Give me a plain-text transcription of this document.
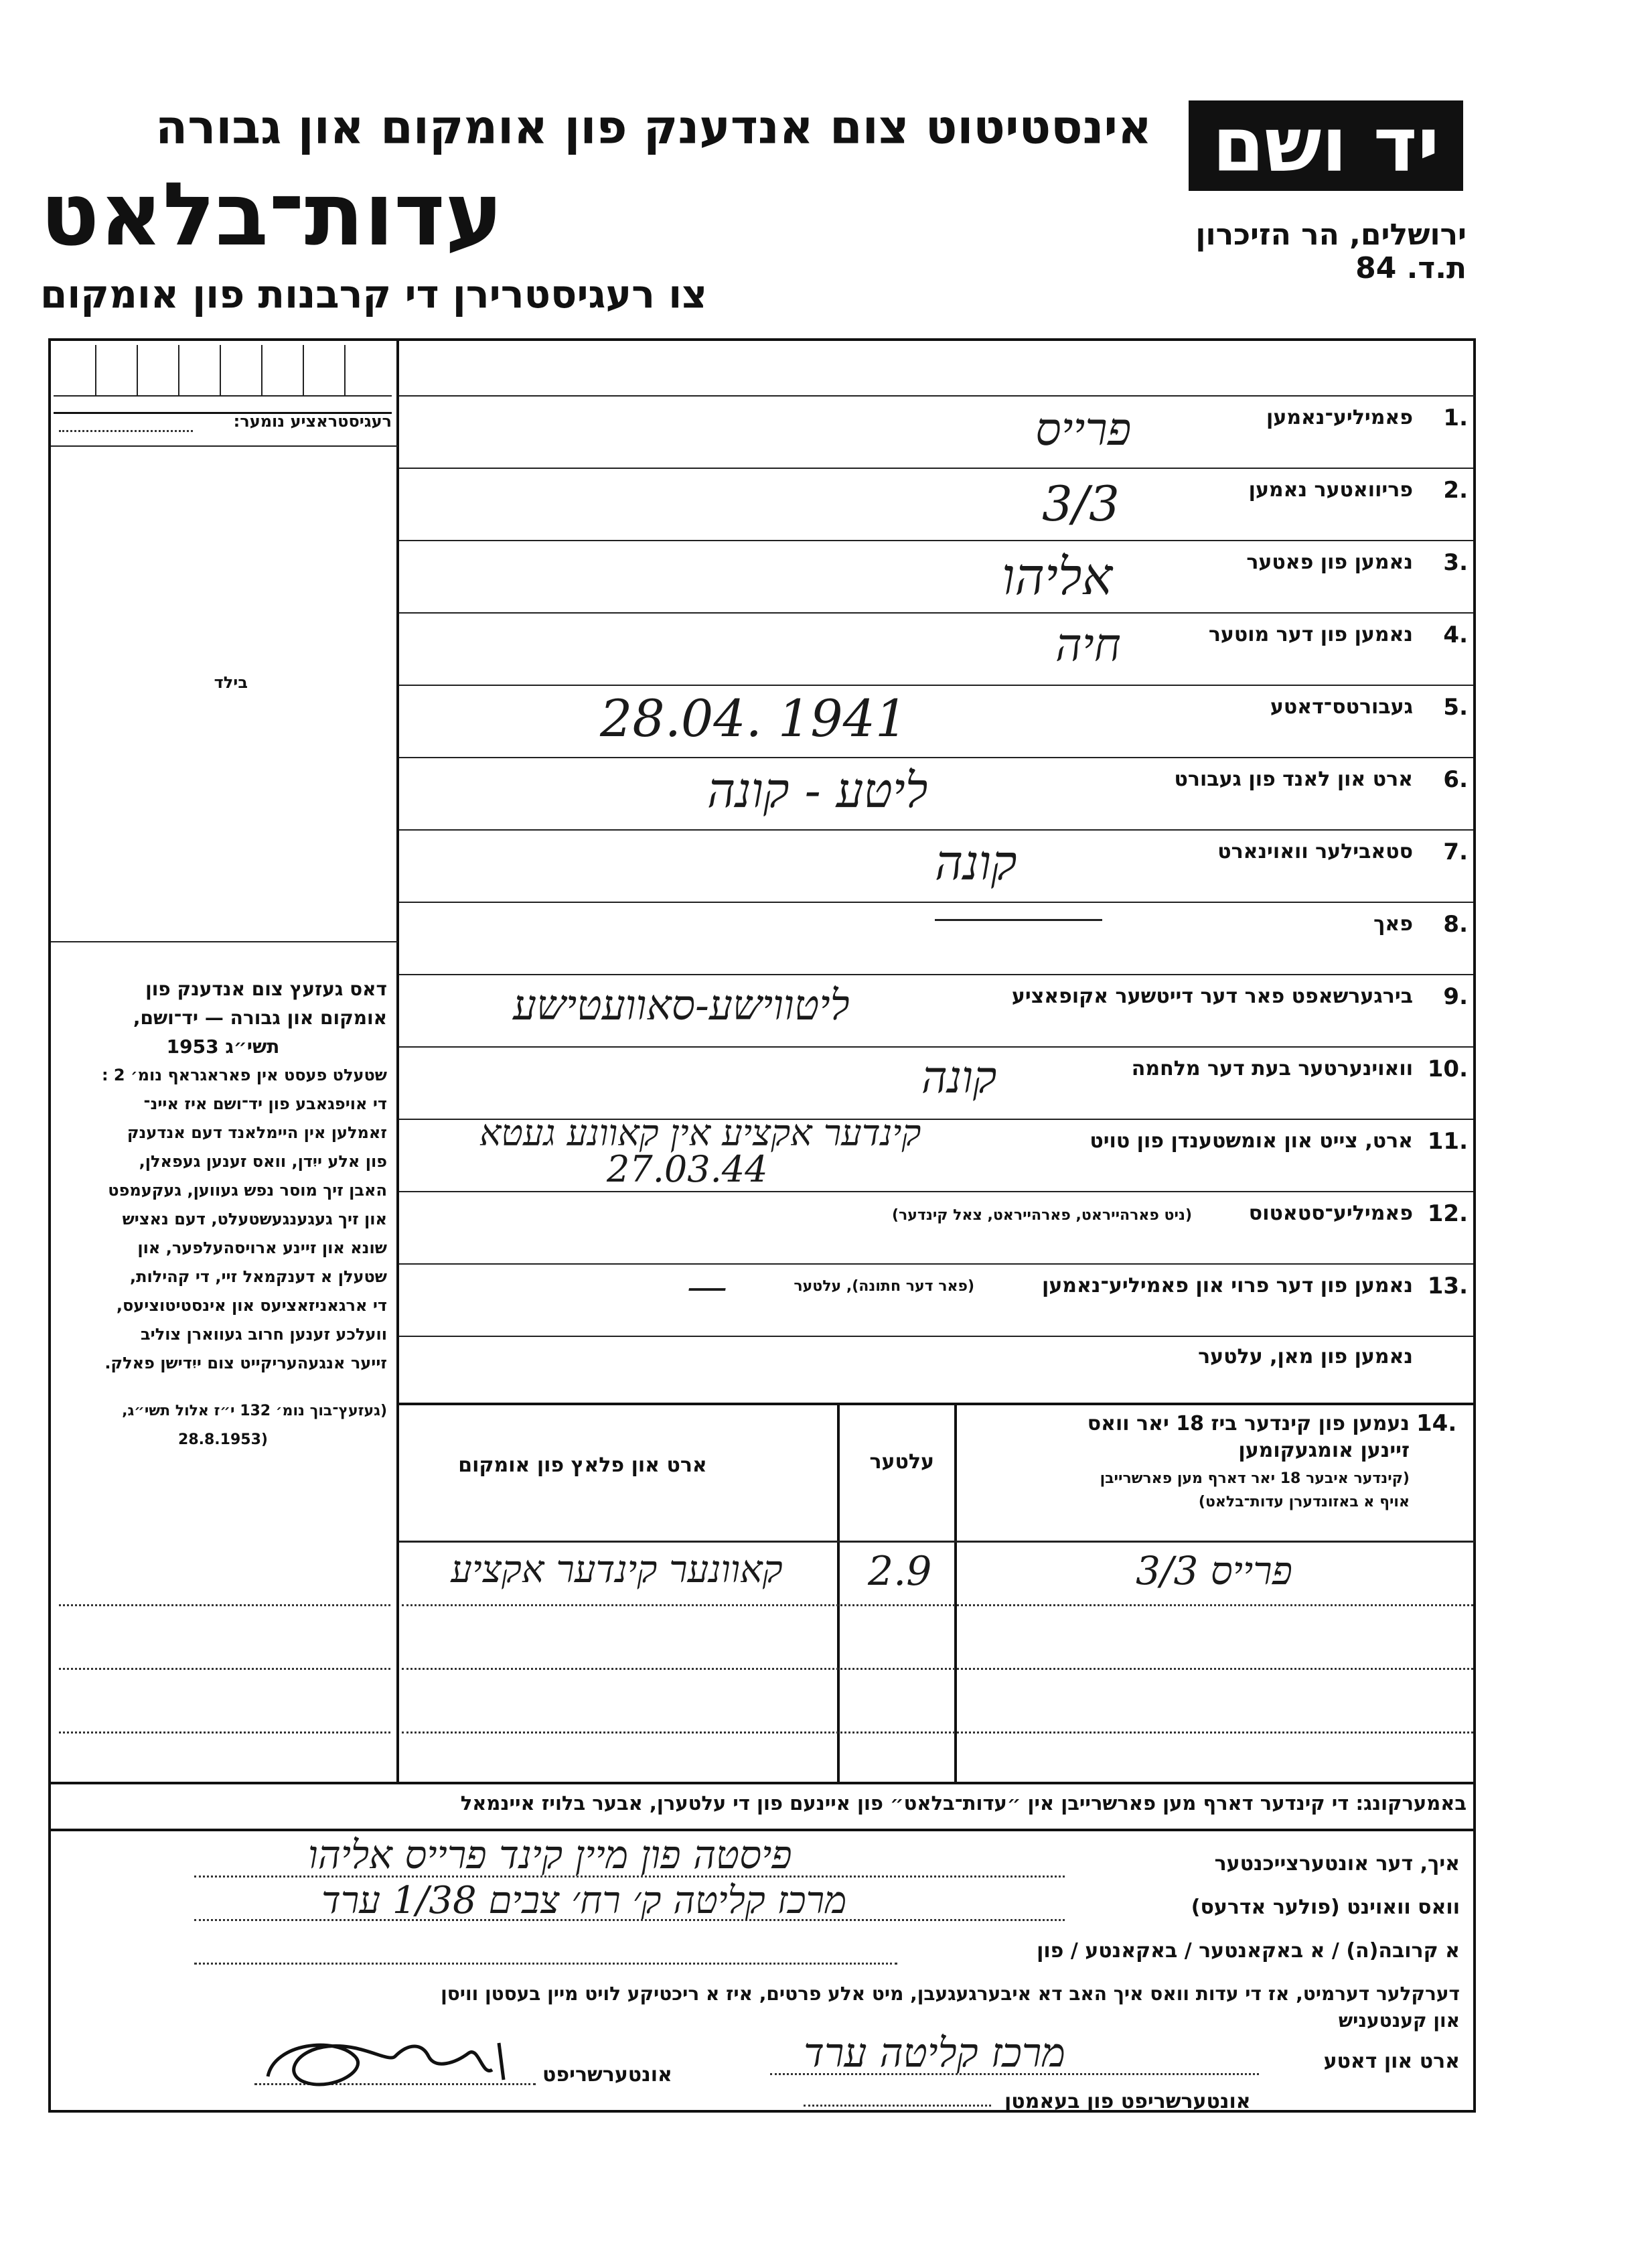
יד ושם
אינסטיטוט צום אנדענק פון אומקום און גבורה
עדות־בלאט	ירושלים, הר הזיכרון
ת.ד. 84
צו רעגיסטרירן די קרבנות פון אומקום
רעגיסטראציע נומער:
בילד
דאס געזעץ צום אנדענק פון
אומקום און גבורה — יד־ושם,
תשי״ג 1953
שטעלט פעסט אין פאראגראף נומ׳ 2 :
די אויפגאבע פון יד־ושם איז איינ־
זאמלען אין היימלאנד דעם אנדענק
פון אלע ייִדן, וואס זענען געפאלן,
האבן זיך מוסר נפש געווען, געקעמפט
און זיך געגענגעשטעלט, דעם נאציש
שונא און זיינע ארויסהעלפער, און
שטעלן א דענקמאל זיי, די קהילות,
די ארגאניזאציעס און אינסטיטוציעס,
וועלכע זענען חרוב געווארן צוליב
זייער אנגעהעריקייט צום ייִדישן פאלק.
(געזעץ־בוך נומ׳ 132 י״ז אלול תשי״ג,
(28.8.1953
1.
פאמיליע־נאמען
פרייס
2.
פריוואטער נאמען
3/3
3.
נאמען פון פאטער
אליהו
4.
נאמען פון דער מוטער
חיה
5.
געבורטס־דאטע
28.04. 1941
6.
ארט און לאנד פון געבורט
ליטע - קונה
7.
סטאבילער וואוינארט
קונה
8.
פאך
9.
בירגערשאפט פאר דער דייטשער אקופאציע
ליטווישע-סאוועטישע
10.
וואוינערטער בעת דער מלחמה
קונה
11.
ארט, צייט און אומשטענדן פון טויט
קינדער אקציע אין קאוונע געטא
27.03.44
12.
פאמיליע־סטאטוס
(ניט פארהייראט, פארהייראט, צאל קינדער)
13.
נאמען פון דער פרוי און פאמיליע־נאמען
(פאר דער חתונה), עלטער
—
נאמען פון מאן, עלטער
14.
נעמען פון קינדער ביז 18 יאר וואס
זיינען אומגעקומען
(קינדער איבער 18 יאר דארף מען פארשרייבן
אויף א באזונדערן עדות־בלאט)
עלטער
ארט און פלאץ פון אומקום
קאוונער קינדער אקציע	2.9	פרייס 3/3
באמערקונג: די קינדער דארף מען פארשרייבן אין ״עדות־בלאט״ פון איינעם פון די עלטערן, אבער בלויז איינמאל
איך, דער אונטערצייכנטער
פיסטה פון מיין קינד פרייס אליהו
וואס וואוינט (פולער אדרעס)
מרכז קליטה ק׳ רח׳ צבים 1/38 ערד
א קרובה(ה) / א באקאנטער / באקאנטע / פון
דערקלער דערמיט, אז די עדות וואס איך האב דא איבערגעגעבן, מיט אלע פרטים, איז א ריכטיקע לויט מיין בעסטן וויסן
און קענטעניש
ארט און דאטע
מרכז קליטה ערד
אונטערשריפט
אונטערשריפט פון בעאמטן
